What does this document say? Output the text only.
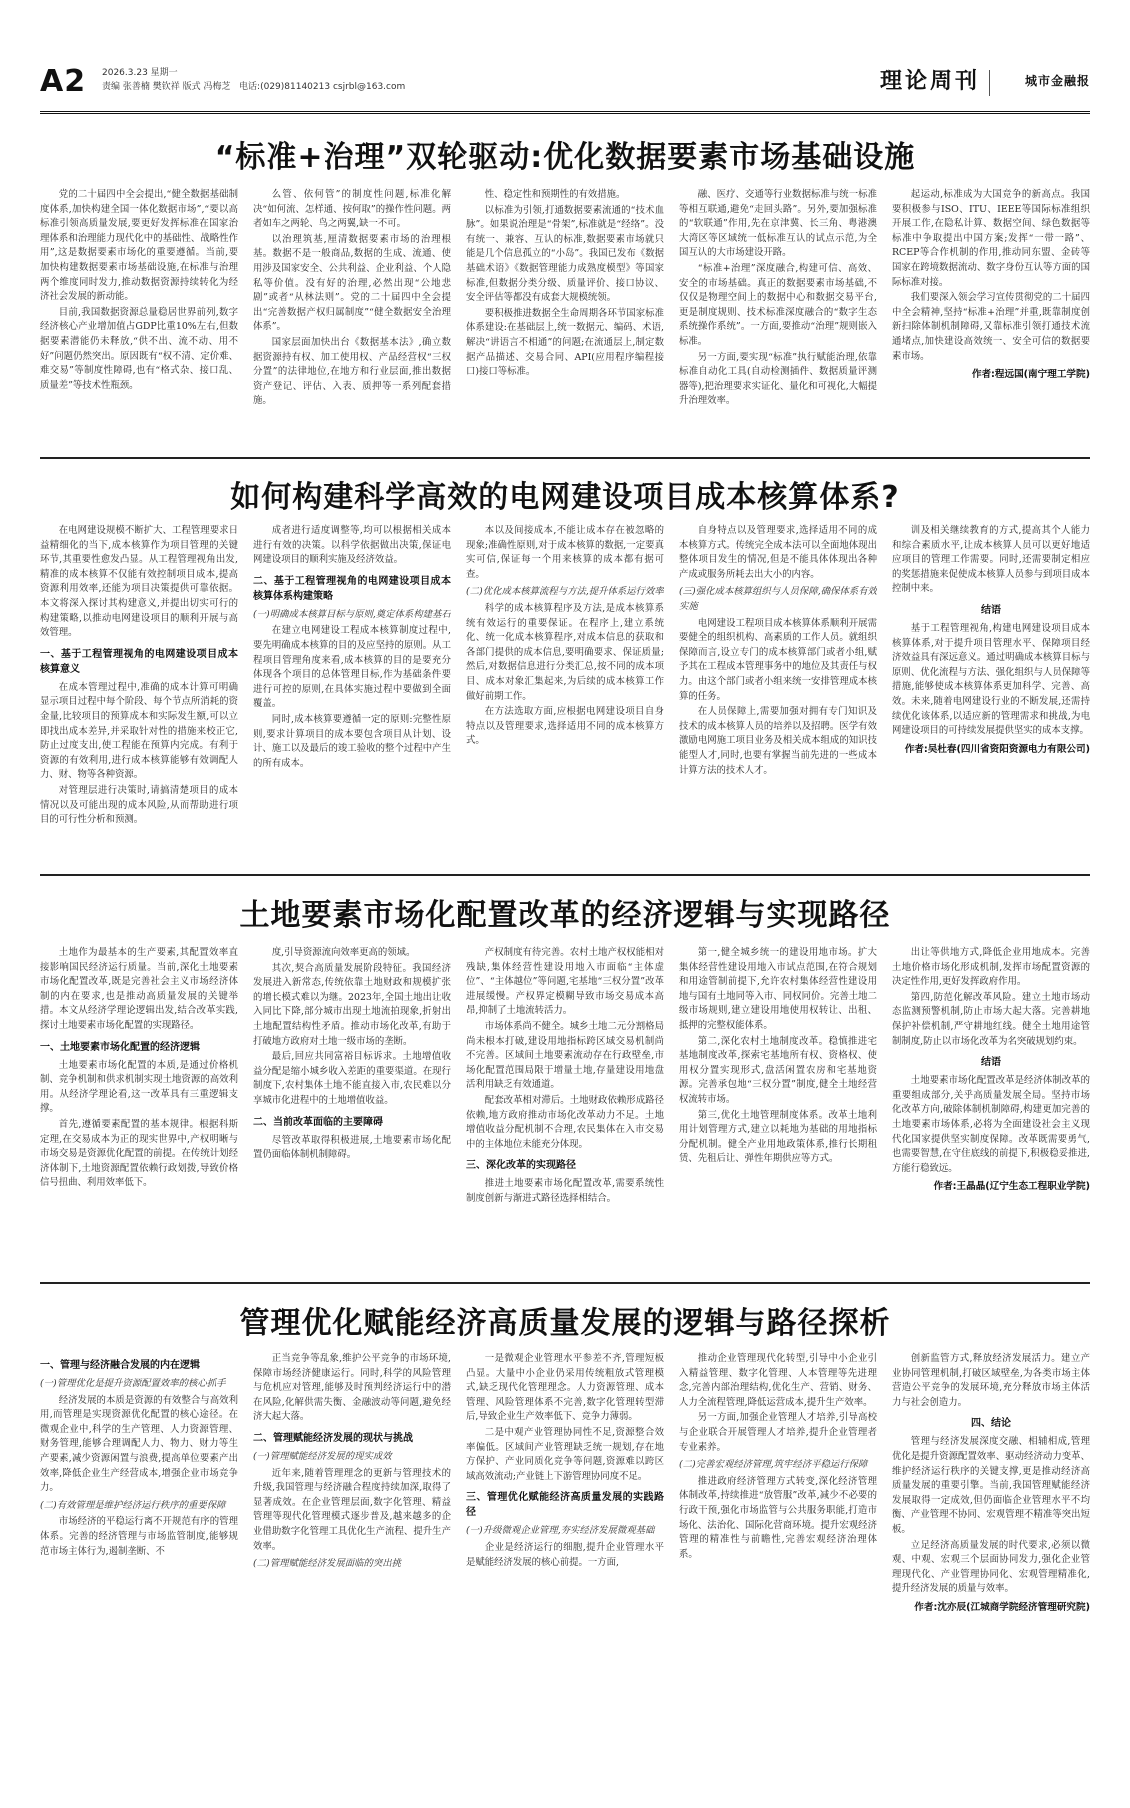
A2 2026.3.23 星期一
责编 张善楠 樊钦祥 版式 冯梅芝 电话:(029)81140213 csjrbl@163.com	理论周刊	城市金融报
“标准+治理”双轮驱动:优化数据要素市场基础设施
如何构建科学高效的电网建设项目成本核算体系?
土地要素市场化配置改革的经济逻辑与实现路径
管理优化赋能经济高质量发展的逻辑与路径探析

党的二十届四中全会提出,“健全数据基础制度体系,加快构建全国一体化数据市场”,“要以高标准引领高质量发展,要更好发挥标准在国家治理体系和治理能力现代化中的基础性、战略性作用”,这是数据要素市场化的重要遵循。当前,要加快构建数据要素市场基础设施,在标准与治理两个维度同时发力,推动数据资源持续转化为经济社会发展的新动能。

目前,我国数据资源总量稳居世界前列,数字经济核心产业增加值占GDP比重10%左右,但数据要素潜能仍未释放,“供不出、流不动、用不好”问题仍然突出。原因既有“权不清、定价难、难交易”等制度性障碍,也有“格式杂、接口乱、质量差”等技术性瓶颈。

么管、依何管”的制度性问题,标准化解决“如何流、怎样通、按何取”的操作性问题。两者如车之两轮、鸟之两翼,缺一不可。

以治理筑基,厘清数据要素市场的治理根基。数据不是一般商品,数据的生成、流通、使用涉及国家安全、公共利益、企业利益、个人隐私等价值。没有好的治理,必然出现“公地悲剧”或者“从林法则”。党的二十届四中全会提出“完善数据产权归属制度”“健全数据安全治理体系”。

国家层面加快出台《数据基本法》,确立数据资源持有权、加工使用权、产品经营权“三权分置”的法律地位,在地方和行业层面,推出数据资产登记、评估、入表、质押等一系列配套措施。

性、稳定性和预期性的有效措施。

以标准为引领,打通数据要素流通的“技术血脉”。如果说治理是“骨架”,标准就是“经络”。没有统一、兼容、互认的标准,数据要素市场就只能是几个信息孤立的“小岛”。我国已发布《数据基础术语》《数据管理能力成熟度模型》等国家标准,但数据分类分级、质量评价、接口协议、安全评估等都没有成套大规模统领。

要积极推进数据全生命周期各环节国家标准体系建设:在基础层上,统一数据元、编码、术语,解决“讲语言不相通”的问题;在流通层上,制定数据产品描述、交易合同、API(应用程序编程接口)接口等标准。

融、医疗、交通等行业数据标准与统一标准等相互联通,避免“走回头路”。另外,要加强标准的“软联通”作用,先在京津冀、长三角、粤港澳大湾区等区域统一低标准互认的试点示范,为全国互认的大市场建设开路。

“标准+治理”深度融合,构建可信、高效、安全的市场基础。真正的数据要素市场基础,不仅仅是物理空间上的数据中心和数据交易平台,更是制度规则、技术标准深度融合的“数字生态系统操作系统”。一方面,要推动“治理”规则嵌入标准。

另一方面,要实现“标准”执行赋能治理,依靠标准自动化工具(自动检测插件、数据质量评测器等),把治理要求实证化、量化和可视化,大幅提升治理效率。

起运动,标准成为大国竞争的新高点。我国要积极参与ISO、ITU、IEEE等国际标准组织开展工作,在隐私计算、数据空间、绿色数据等标准中争取提出中国方案;发挥“一带一路”、RCEP等合作机制的作用,推动同东盟、金砖等国家在跨境数据流动、数字身份互认等方面的国际标准对接。

我们要深入领会学习宣传贯彻党的二十届四中全会精神,坚持“标准+治理”并重,既靠制度创新扫除体制机制障碍,又靠标准引领打通技术流通堵点,加快建设高效统一、安全可信的数据要素市场。

作者:程远国(南宁理工学院)

在电网建设规模不断扩大、工程管理要求日益精细化的当下,成本核算作为项目管理的关键环节,其重要性愈发凸显。从工程管理视角出发,精准的成本核算不仅能有效控制项目成本,提高资源利用效率,还能为项目决策提供可靠依据。本文将深入探讨其构建意义,并提出切实可行的构建策略,以推动电网建设项目的顺利开展与高效管理。

一、基于工程管理视角的电网建设项目成本核算意义

在成本管理过程中,准确的成本计算可明确显示项目过程中每个阶段、每个节点所消耗的资金量,比较项目的预算成本和实际发生额,可以立即找出成本差异,并采取针对性的措施来校正它,防止过度支出,使工程能在预算内完成。有利于资源的有效利用,进行成本核算能够有效调配人力、财、物等各种资源。

对管理层进行决策时,请搞清楚项目的成本情况以及可能出现的成本风险,从而帮助进行项目的可行性分析和预测。

成者进行适度调整等,均可以根据相关成本进行有效的决策。以科学依据做出决策,保证电网建设项目的顺利实施及经济效益。

二、基于工程管理视角的电网建设项目成本核算体系构建策略
(一)明确成本核算目标与原则,奠定体系构建基石

在建立电网建设工程成本核算制度过程中,要先明确成本核算的目的及应坚持的原则。从工程项目管理角度来看,成本核算的目的是要充分体现各个项目的总体管理目标,作为基础条件要进行可控的原则,在具体实施过程中要做到全面覆盖。

同时,成本核算要遵循一定的原则:完整性原则,要求计算项目的成本要包含项目从计划、设计、施工以及最后的竣工验收的整个过程中产生的所有成本。

本以及间接成本,不能让成本存在被忽略的现象;准确性原则,对于成本核算的数据,一定要真实可信,保证每一个用来核算的成本都有据可查。

(二)优化成本核算流程与方法,提升体系运行效率

科学的成本核算程序及方法,是成本核算系统有效运行的重要保证。在程序上,建立系统化、统一化成本核算程序,对成本信息的获取和各部门提供的成本信息,要明确要求、保证质量;然后,对数据信息进行分类汇总,按不同的成本项目、成本对象汇集起来,为后续的成本核算工作做好前期工作。

在方法选取方面,应根据电网建设项目自身特点以及管理要求,选择适用不同的成本核算方式。

自身特点以及管理要求,选择适用不同的成本核算方式。传统完全成本法可以全面地体现出整体项目发生的情况,但是不能具体体现出各种产成或服务所耗去出大小的内容。

(三)强化成本核算组织与人员保障,确保体系有效实施

电网建设工程项目成本核算体系顺利开展需要健全的组织机构、高素质的工作人员。就组织保障而言,设立专门的成本核算部门或者小组,赋予其在工程成本管理事务中的地位及其责任与权力。由这个部门或者小组来统一安排管理成本核算的任务。

在人员保障上,需要加强对拥有专门知识及技术的成本核算人员的培养以及招聘。医学有效激励电网施工项目业务及相关成本组成的知识技能型人才,同时,也要有掌握当前先进的一些成本计算方法的技术人才。

训及相关继续教育的方式,提高其个人能力和综合素质水平,让成本核算人员可以更好地适应项目的管理工作需要。同时,还需要制定相应的奖惩措施来促使成本核算人员参与到项目成本控制中来。

结语

基于工程管理视角,构建电网建设项目成本核算体系,对于提升项目管理水平、保障项目经济效益具有深远意义。通过明确成本核算目标与原则、优化流程与方法、强化组织与人员保障等措施,能够使成本核算体系更加科学、完善、高效。未来,随着电网建设行业的不断发展,还需持续优化该体系,以适应新的管理需求和挑战,为电网建设项目的可持续发展提供坚实的成本支撑。

作者:吴杜春(四川省资阳资源电力有限公司)

土地作为最基本的生产要素,其配置效率直接影响国民经济运行质量。当前,深化土地要素市场化配置改革,既是完善社会主义市场经济体制的内在要求,也是推动高质量发展的关键举措。本文从经济学理论逻辑出发,结合改革实践,探讨土地要素市场化配置的实现路径。

一、土地要素市场化配置的经济逻辑

土地要素市场化配置的本质,是通过价格机制、竞争机制和供求机制实现土地资源的高效利用。从经济学理论看,这一改革具有三重逻辑支撑。

首先,遵循要素配置的基本规律。根据科斯定理,在交易成本为正的现实世界中,产权明晰与市场交易是资源优化配置的前提。在传统计划经济体制下,土地资源配置依赖行政划拨,导致价格信号扭曲、利用效率低下。

度,引导资源流向效率更高的领域。

其次,契合高质量发展阶段特征。我国经济发展进入新常态,传统依靠土地财政和规模扩张的增长模式难以为继。2023年,全国土地出让收入同比下降,部分城市出现土地流拍现象,折射出土地配置结构性矛盾。推动市场化改革,有助于打破地方政府对土地一级市场的垄断。

最后,回应共同富裕目标诉求。土地增值收益分配是缩小城乡收入差距的重要渠道。在现行制度下,农村集体土地不能直接入市,农民难以分享城市化进程中的土地增值收益。

二、当前改革面临的主要障碍

尽管改革取得积极进展,土地要素市场化配置仍面临体制机制障碍。

产权制度有待完善。农村土地产权权能相对残缺,集体经营性建设用地入市面临“主体虚位”、“主体越位”等问题,宅基地“三权分置”改革进展缓慢。产权界定模糊导致市场交易成本高昂,抑制了土地流转活力。

市场体系尚不健全。城乡土地二元分割格局尚未根本打破,建设用地指标跨区域交易机制尚不完善。区域间土地要素流动存在行政壁垒,市场化配置范围局限于增量土地,存量建设用地盘活利用缺乏有效通道。

配套改革相对滞后。土地财政依赖形成路径依赖,地方政府推动市场化改革动力不足。土地增值收益分配机制不合理,农民集体在入市交易中的主体地位未能充分体现。

三、深化改革的实现路径

推进土地要素市场化配置改革,需要系统性制度创新与渐进式路径选择相结合。

第一,健全城乡统一的建设用地市场。扩大集体经营性建设用地入市试点范围,在符合规划和用途管制前提下,允许农村集体经营性建设用地与国有土地同等入市、同权同价。完善土地二级市场规则,建立建设用地使用权转让、出租、抵押的完整权能体系。

第二,深化农村土地制度改革。稳慎推进宅基地制度改革,探索宅基地所有权、资格权、使用权分置实现形式,盘活闲置农房和宅基地资源。完善承包地“三权分置”制度,健全土地经营权流转市场。

第三,优化土地管理制度体系。改革土地利用计划管理方式,建立以耗地为基础的用地指标分配机制。健全产业用地政策体系,推行长期租赁、先租后让、弹性年期供应等方式。

出让等供地方式,降低企业用地成本。完善土地价格市场化形成机制,发挥市场配置资源的决定性作用,更好发挥政府作用。

第四,防范化解改革风险。建立土地市场动态监测预警机制,防止市场大起大落。完善耕地保护补偿机制,严守耕地红线。健全土地用途管制制度,防止以市场化改革为名突破规划约束。

结语

土地要素市场化配置改革是经济体制改革的重要组成部分,关乎高质量发展全局。坚持市场化改革方向,破除体制机制障碍,构建更加完善的土地要素市场体系,必将为全面建设社会主义现代化国家提供坚实制度保障。改革既需要勇气,也需要智慧,在守住底线的前提下,积极稳妥推进,方能行稳致远。

作者:王晶晶(辽宁生态工程职业学院)
一、管理与经济融合发展的内在逻辑
(一)管理优化是提升资源配置效率的核心抓手

经济发展的本质是资源的有效整合与高效利用,而管理是实现资源优化配置的核心途径。在微观企业中,科学的生产管理、人力资源管理、财务管理,能够合理调配人力、物力、财力等生产要素,减少资源闲置与浪费,提高单位要素产出效率,降低企业生产经营成本,增强企业市场竞争力。

(二)有效管理是维护经济运行秩序的重要保障

市场经济的平稳运行离不开规范有序的管理体系。完善的经济管理与市场监管制度,能够规范市场主体行为,遏制垄断、不

正当竞争等乱象,维护公平竞争的市场环境,保障市场经济健康运行。同时,科学的风险管理与危机应对管理,能够及时预判经济运行中的潜在风险,化解供需失衡、金融波动等问题,避免经济大起大落。

二、管理赋能经济发展的现状与挑战
(一)管理赋能经济发展的现实成效

近年来,随着管理理念的更新与管理技术的升级,我国管理与经济融合程度持续加深,取得了显著成效。在企业管理层面,数字化管理、精益管理等现代化管理模式逐步普及,越来越多的企业借助数字化管理工具优化生产流程、提升生产效率。

(二)管理赋能经济发展面临的突出挑

一是微观企业管理水平参差不齐,管理短板凸显。大量中小企业仍采用传统粗放式管理模式,缺乏现代化管理理念。人力资源管理、成本管理、风险管理体系不完善,数字化管理转型滞后,导致企业生产效率低下、竞争力薄弱。

二是中观产业管理协同性不足,资源整合效率偏低。区域间产业管理缺乏统一规划,存在地方保护、产业同质化竞争等问题,资源难以跨区域高效流动;产业链上下游管理协同度不足。

三、管理优化赋能经济高质量发展的实践路径
(一)升级微观企业管理,夯实经济发展微观基础

企业是经济运行的细胞,提升企业管理水平是赋能经济发展的核心前提。一方面,

推动企业管理现代化转型,引导中小企业引入精益管理、数字化管理、人本管理等先进理念,完善内部治理结构,优化生产、营销、财务、人力全流程管理,降低运营成本,提升生产效率。

另一方面,加强企业管理人才培养,引导高校与企业联合开展管理人才培养,提升企业管理者专业素养。

(二)完善宏观经济管理,筑牢经济平稳运行保障

推进政府经济管理方式转变,深化经济管理体制改革,持续推进“放管服”改革,减少不必要的行政干预,强化市场监管与公共服务职能,打造市场化、法治化、国际化营商环境。提升宏观经济管理的精准性与前瞻性,完善宏观经济治理体系。

创新监管方式,释放经济发展活力。建立产业协同管理机制,打破区域壁垒,为各类市场主体营造公平竞争的发展环境,充分释放市场主体活力与社会创造力。

四、结论

管理与经济发展深度交融、相辅相成,管理优化是提升资源配置效率、驱动经济动力变革、维护经济运行秩序的关键支撑,更是推动经济高质量发展的重要引擎。当前,我国管理赋能经济发展取得一定成效,但仍面临企业管理水平不均衡、产业管理不协同、宏观管理不精准等突出短板。

立足经济高质量发展的时代要求,必须以微观、中观、宏观三个层面协同发力,强化企业管理现代化、产业管理协同化、宏观管理精准化,提升经济发展的质量与效率。

作者:沈亦辰(江城商学院经济管理研究院)
